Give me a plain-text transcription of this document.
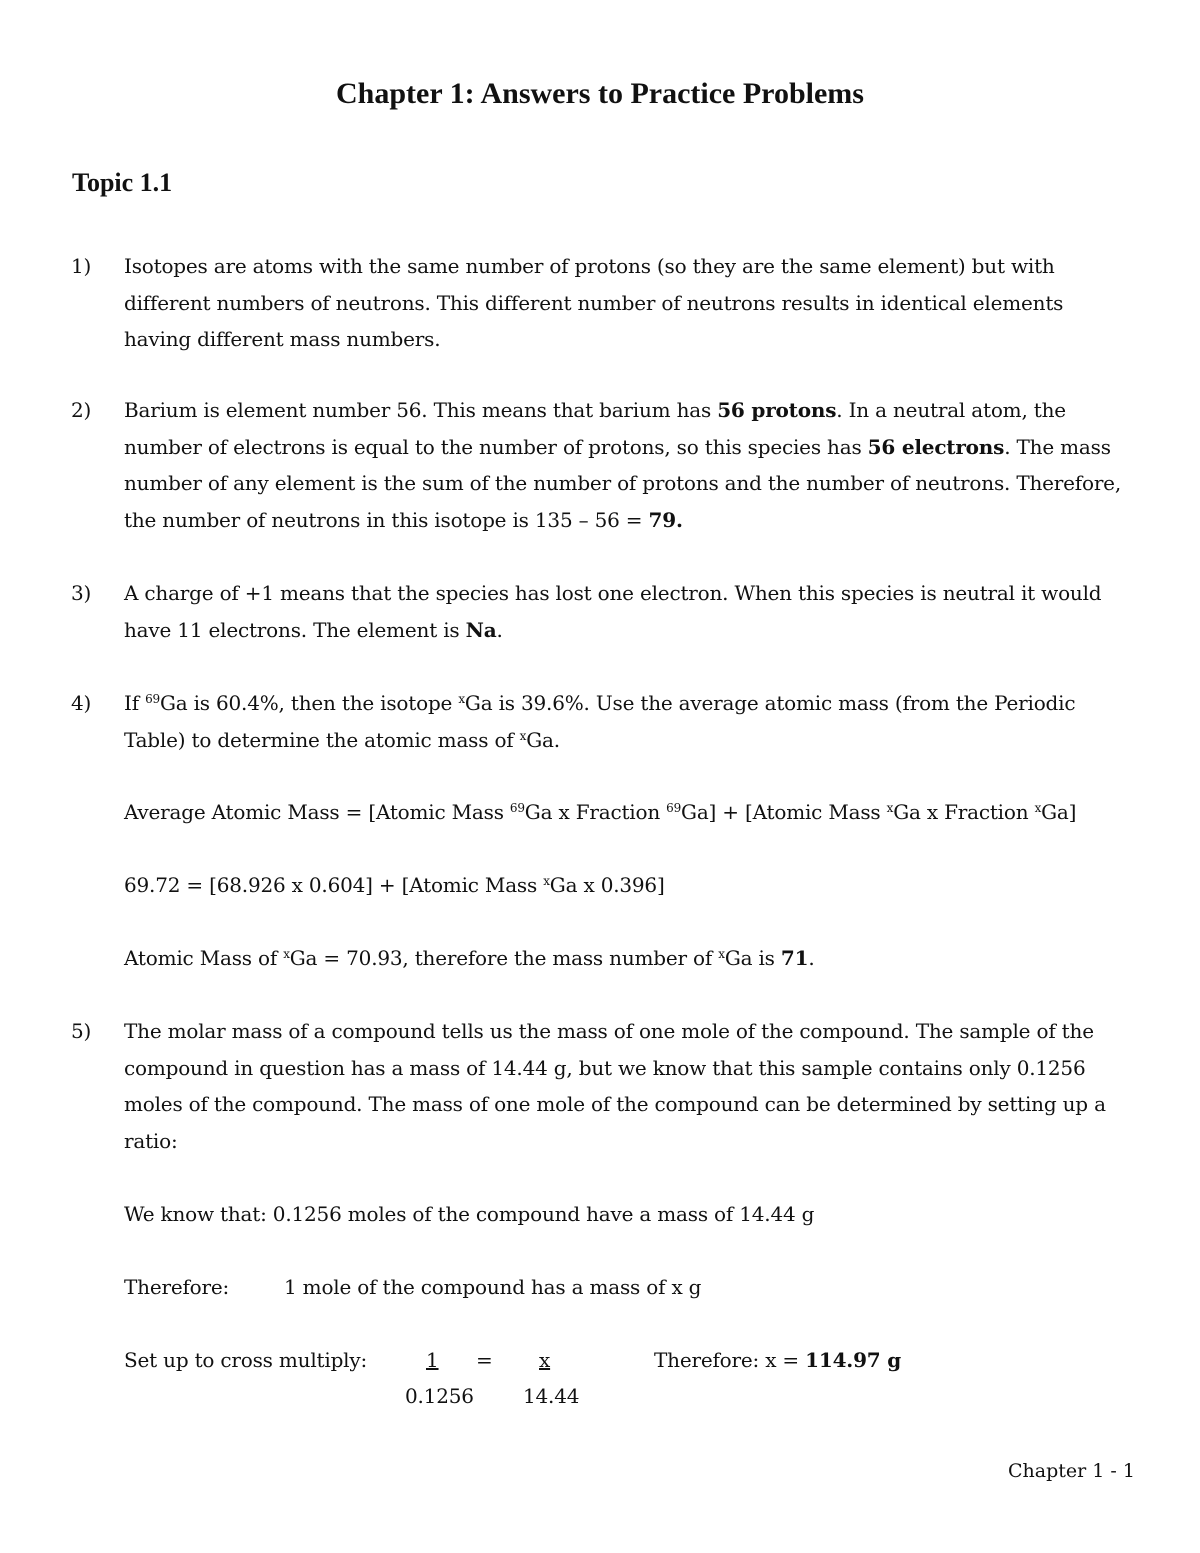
Chapter 1: Answers to Practice Problems
Topic 1.1
1) Isotopes are atoms with the same number of protons (so they are the same element) but with different numbers of neutrons. This different number of neutrons results in identical elements having different mass numbers.
2) Barium is element number 56. This means that barium has 56 protons. In a neutral atom, the number of electrons is equal to the number of protons, so this species has 56 electrons. The mass number of any element is the sum of the number of protons and the number of neutrons. Therefore, the number of neutrons in this isotope is 135 – 56 = 79.
3) A charge of +1 means that the species has lost one electron. When this species is neutral it would have 11 electrons. The element is Na.
4) If $^{69}$Ga is 60.4%, then the isotope $^x$Ga is 39.6%. Use the average atomic mass (from the Periodic Table) to determine the atomic mass of $^x$Ga.
Average Atomic Mass = [Atomic Mass $^{69}$Ga x Fraction $^{69}$Ga] + [Atomic Mass $^x$Ga x Fraction $^x$Ga]
69.72 = [68.926 x 0.604] + [Atomic Mass $^x$Ga x 0.396]
Atomic Mass of $^x$Ga = 70.93, therefore the mass number of $^x$Ga is 71.
5) The molar mass of a compound tells us the mass of one mole of the compound. The sample of the compound in question has a mass of 14.44 g, but we know that this sample contains only 0.1256 moles of the compound. The mass of one mole of the compound can be determined by setting up a ratio:
We know that: 0.1256 moles of the compound have a mass of 14.44 g
Therefore:	1 mole of the compound has a mass of x g
Set up to cross multiply:	1 = x
0.1256 14.44
Therefore: x = 114.97 g
Chapter 1 - 1
